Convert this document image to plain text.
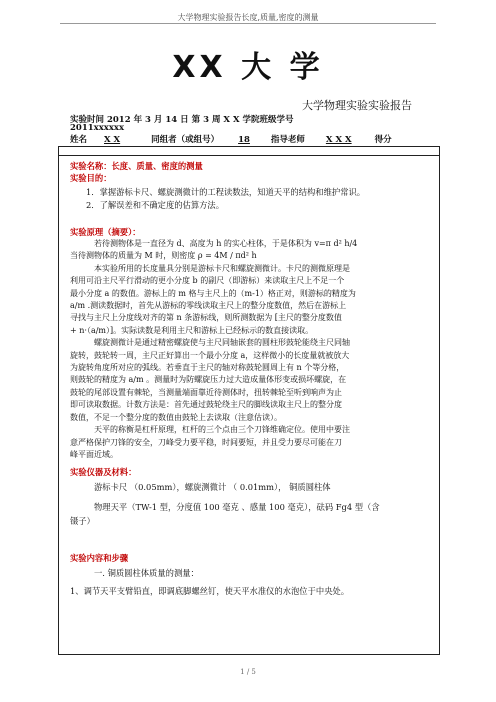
大学物理实验报告长度,质量,密度的测量
XX 大 学
大学物理实验实验报告
实验时间 2012 年 3 月 14 日 第 3 周 X X 学院班级学号
2011xxxxxx
姓名 X X	同组者（或组号） 18 指导老师 X X X	得分
实验名称：长度、质量、密度的测量
实验目的：
1．掌握游标卡尺、螺旋测微计的工程读数法，知道天平的结构和维护常识。
2．了解误差和不确定度的估算方法。
实验原理（摘要）：
若待测物体是一直径为 d、高度为 h 的实心柱体，于是体积为 v=π d² h/4
当待测物体的质量为 M 时，则密度 ρ = 4M / πd² h
本实验所用的长度量具分别是游标卡尺和螺旋测微计。卡尺的测微原理是
利用可沿主尺平行滑动的更小分度 b 的副尺（即游标）来读取主尺上不足一个
最小分度 a 的数值。游标上的 m 格与主尺上的（m-1）格正对，则游标的精度为
a/m .测读数据时，首先从游标的零线读取主尺上的整分度数值，然后在游标上
寻找与主尺上分度线对齐的第 n 条游标线，则所测数据为 [主尺的整分度数值
+ n·（a/m）]。实际读数是利用主尺和游标上已经标示的数直接读取。
螺旋测微计是通过精密螺旋使与主尺同轴嵌套的圆柱形鼓轮能绕主尺同轴
旋转，鼓轮转一周，主尺正好算出一个最小分度 a，这样微小的长度量就被放大
为旋转角度所对应的弧线。若垂直于主尺的轴对称鼓轮圆周上有 n 个等分格，
则鼓轮的精度为 a/m 。测量时为防螺旋压力过大造成量体形变或损坏螺旋，在
鼓轮的尾部设置有棘轮，当测量端面靠近待测体时，扭转棘轮至听到响声为止
即可读取数据。计数方法是：首先通过鼓轮绕主尺的脚线读取主尺上的整分度
数值，不足一个整分度的数值由鼓轮上去读取（注意估读）。
天平的称衡是杠杆原理，杠杆的三个点由三个刀锋维确定位。使用中要注
意严格保护刀锋的安全，刀峰受力要平稳，时间要短，并且受力要尽可能在刀
峰平面近域。
实验仪器及材料：
游标卡尺 （0.05mm），螺旋测微计 （ 0.01mm）， 铜质圆柱体
物理天平（TW-1 型，分度值 100 毫克 、感量 100 毫克），砝码 Fg4 型（含
镊子）
实验内容和步骤
一. 铜质圆柱体质量的测量：
1、调节天平支臂铅直，即调底脚螺丝钉，使天平水准仪的水泡位于中央处。
1 / 5
